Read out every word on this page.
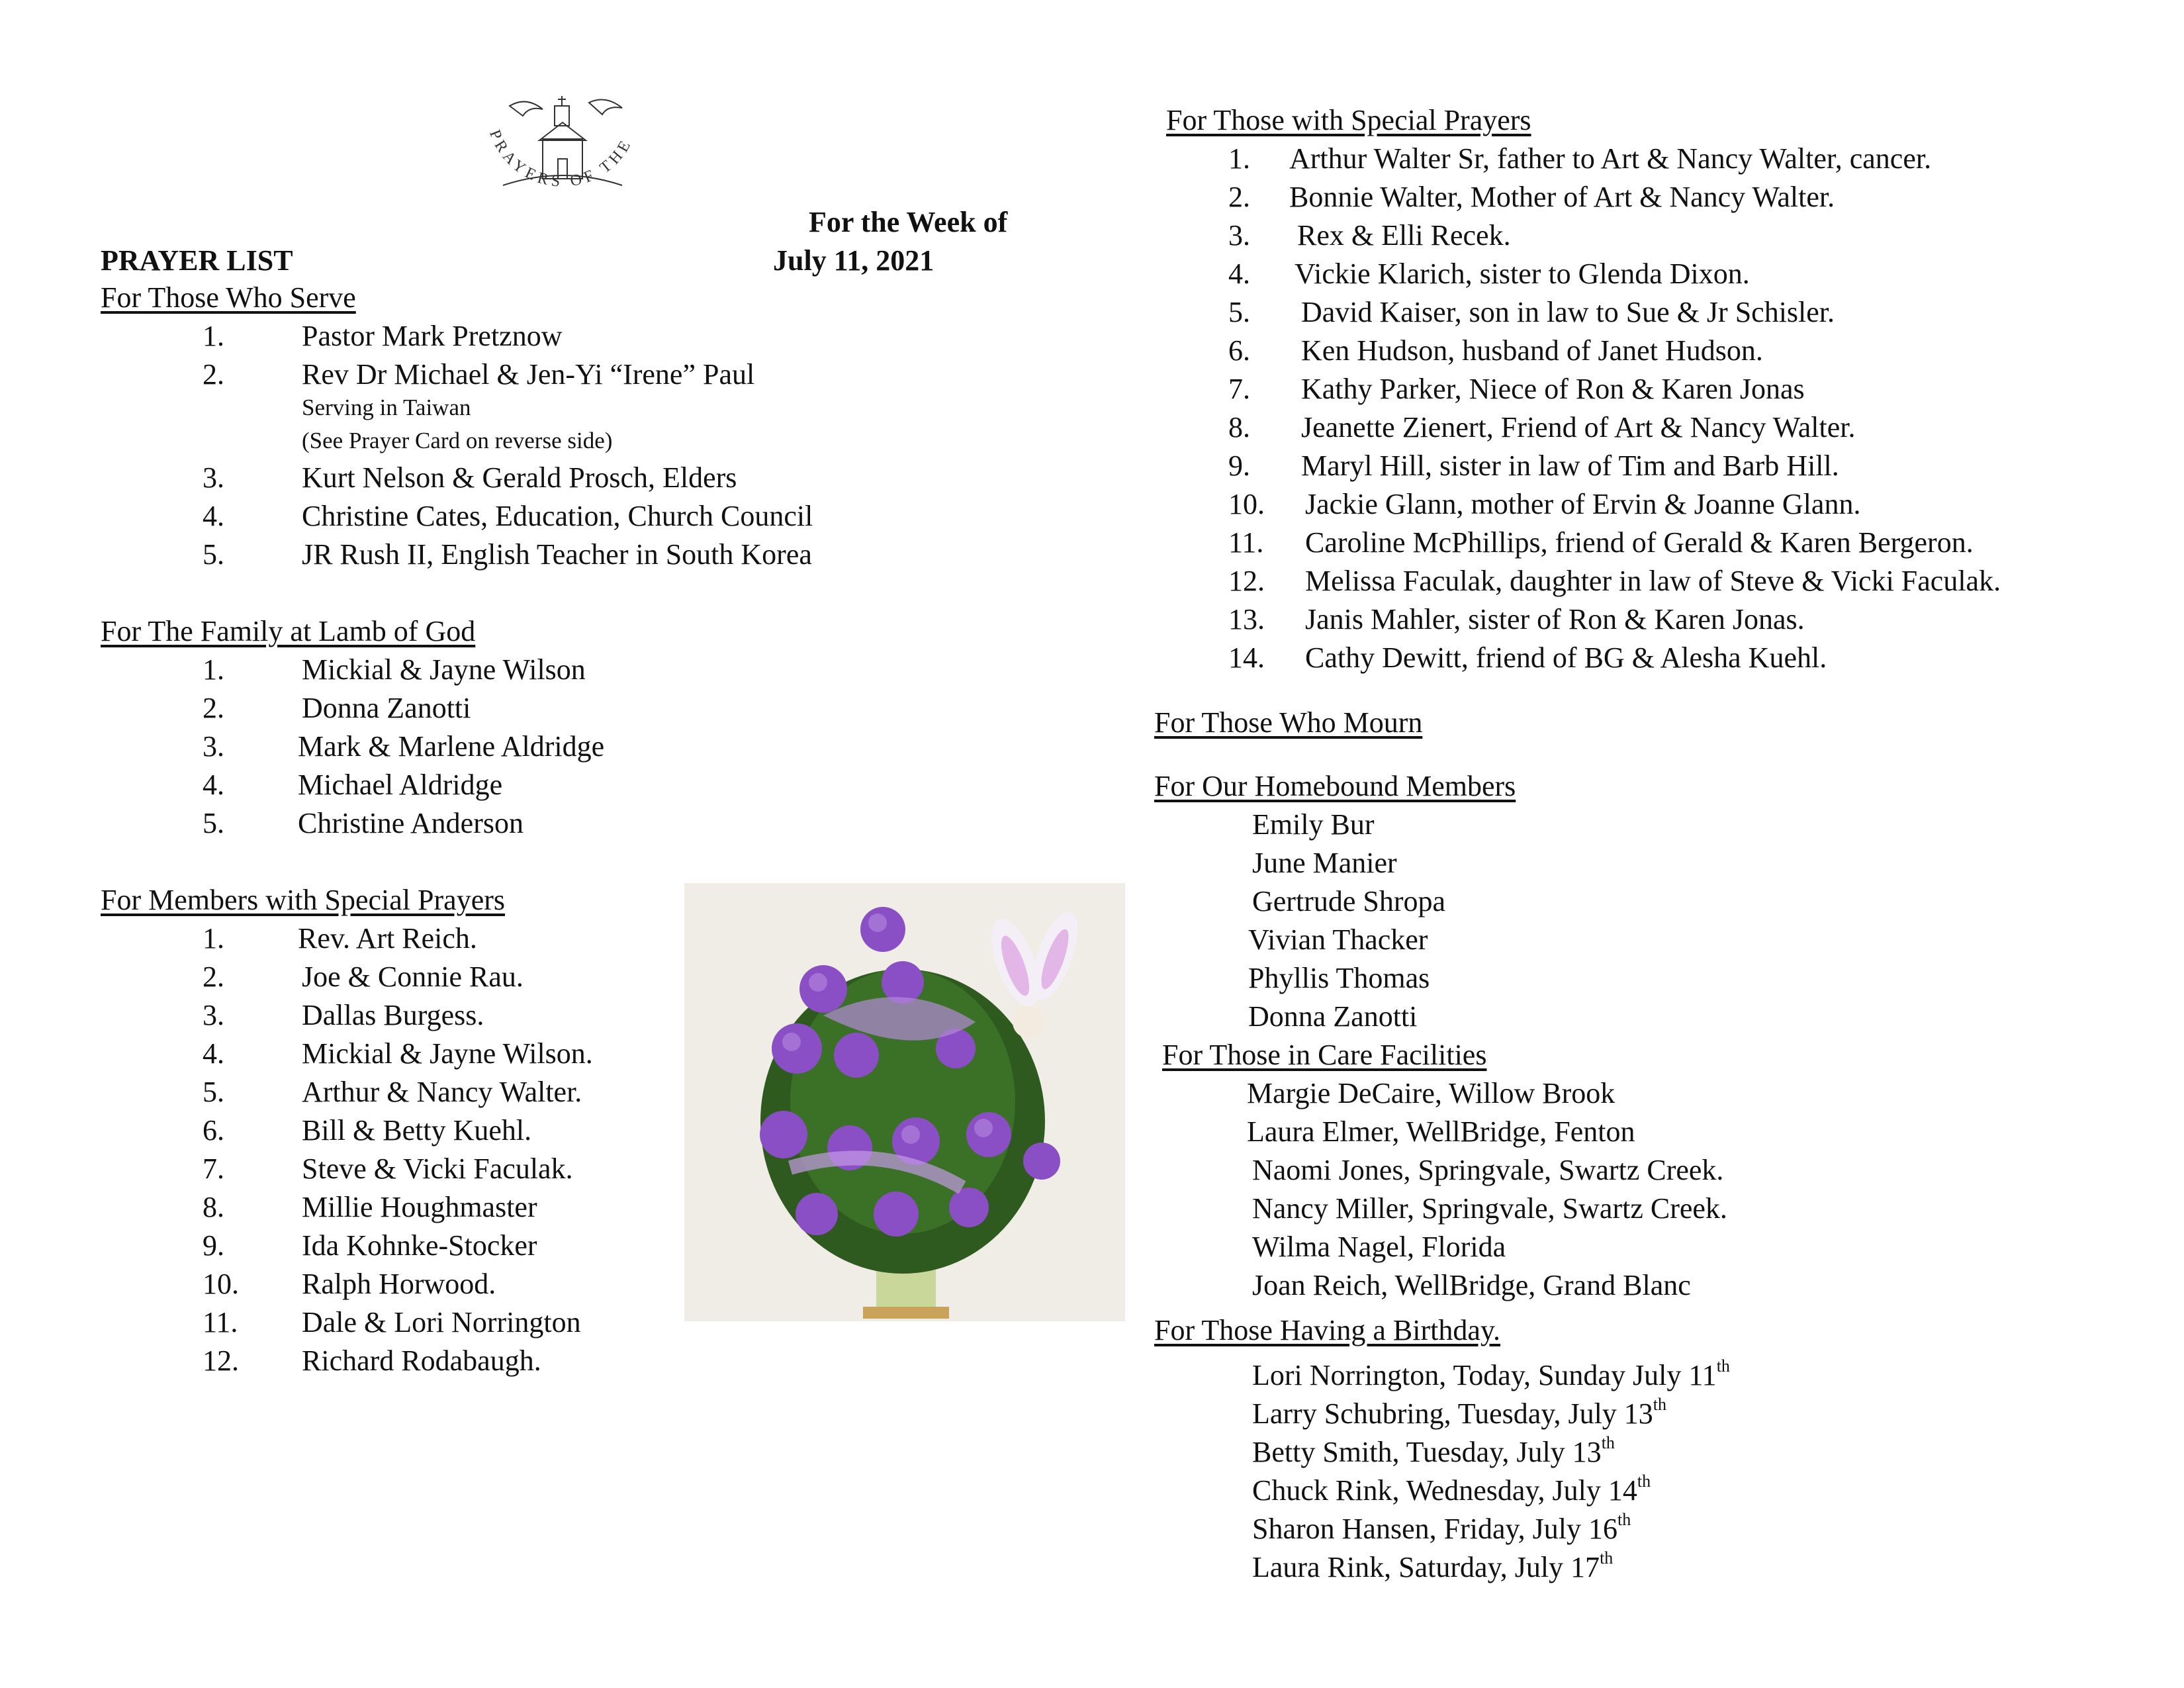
PRAYERS OF THE
For the Week of
PRAYER LIST	July 11, 2021
For Those Who Serve
1.	Pastor Mark Pretznow
2.	Rev Dr Michael & Jen-Yi “Irene” Paul
Serving in Taiwan
(See Prayer Card on reverse side)
3.	Kurt Nelson & Gerald Prosch, Elders
4.	Christine Cates, Education, Church Council
5.	JR Rush II, English Teacher in South Korea
For The Family at Lamb of God
1.	Mickial & Jayne Wilson
2.	Donna Zanotti
3.	Mark & Marlene Aldridge
4.	Michael Aldridge
5.	Christine Anderson
For Members with Special Prayers
1.	Rev. Art Reich.
2.	Joe & Connie Rau.
3.	Dallas Burgess.
4.	Mickial & Jayne Wilson.
5.	Arthur & Nancy Walter.
6.	Bill & Betty Kuehl.
7.	Steve & Vicki Faculak.
8.	Millie Houghmaster
9.	Ida Kohnke-Stocker
10. Ralph Horwood.
11. Dale & Lori Norrington
12. Richard Rodabaugh.
For Those with Special Prayers
1. Arthur Walter Sr, father to Art & Nancy Walter, cancer.
2. Bonnie Walter, Mother of Art & Nancy Walter.
3. Rex & Elli Recek.
4. Vickie Klarich, sister to Glenda Dixon.
5. David Kaiser, son in law to Sue & Jr Schisler.
6. Ken Hudson, husband of Janet Hudson.
7. Kathy Parker, Niece of Ron & Karen Jonas
8. Jeanette Zienert, Friend of Art & Nancy Walter.
9. Maryl Hill, sister in law of Tim and Barb Hill.
10. Jackie Glann, mother of Ervin & Joanne Glann.
11. Caroline McPhillips, friend of Gerald & Karen Bergeron.
12. Melissa Faculak, daughter in law of Steve & Vicki Faculak.
13. Janis Mahler, sister of Ron & Karen Jonas.
14. Cathy Dewitt, friend of BG & Alesha Kuehl.
For Those Who Mourn
For Our Homebound Members
Emily Bur
June Manier
Gertrude Shropa
Vivian Thacker
Phyllis Thomas
Donna Zanotti
For Those in Care Facilities
Margie DeCaire, Willow Brook
Laura Elmer, WellBridge, Fenton
Naomi Jones, Springvale, Swartz Creek.
Nancy Miller, Springvale, Swartz Creek.
Wilma Nagel, Florida
Joan Reich, WellBridge, Grand Blanc
For Those Having a Birthday.
Lori Norrington, Today, Sunday July 11th
Larry Schubring, Tuesday, July 13th
Betty Smith, Tuesday, July 13th
Chuck Rink, Wednesday, July 14th
Sharon Hansen, Friday, July 16th
Laura Rink, Saturday, July 17th
